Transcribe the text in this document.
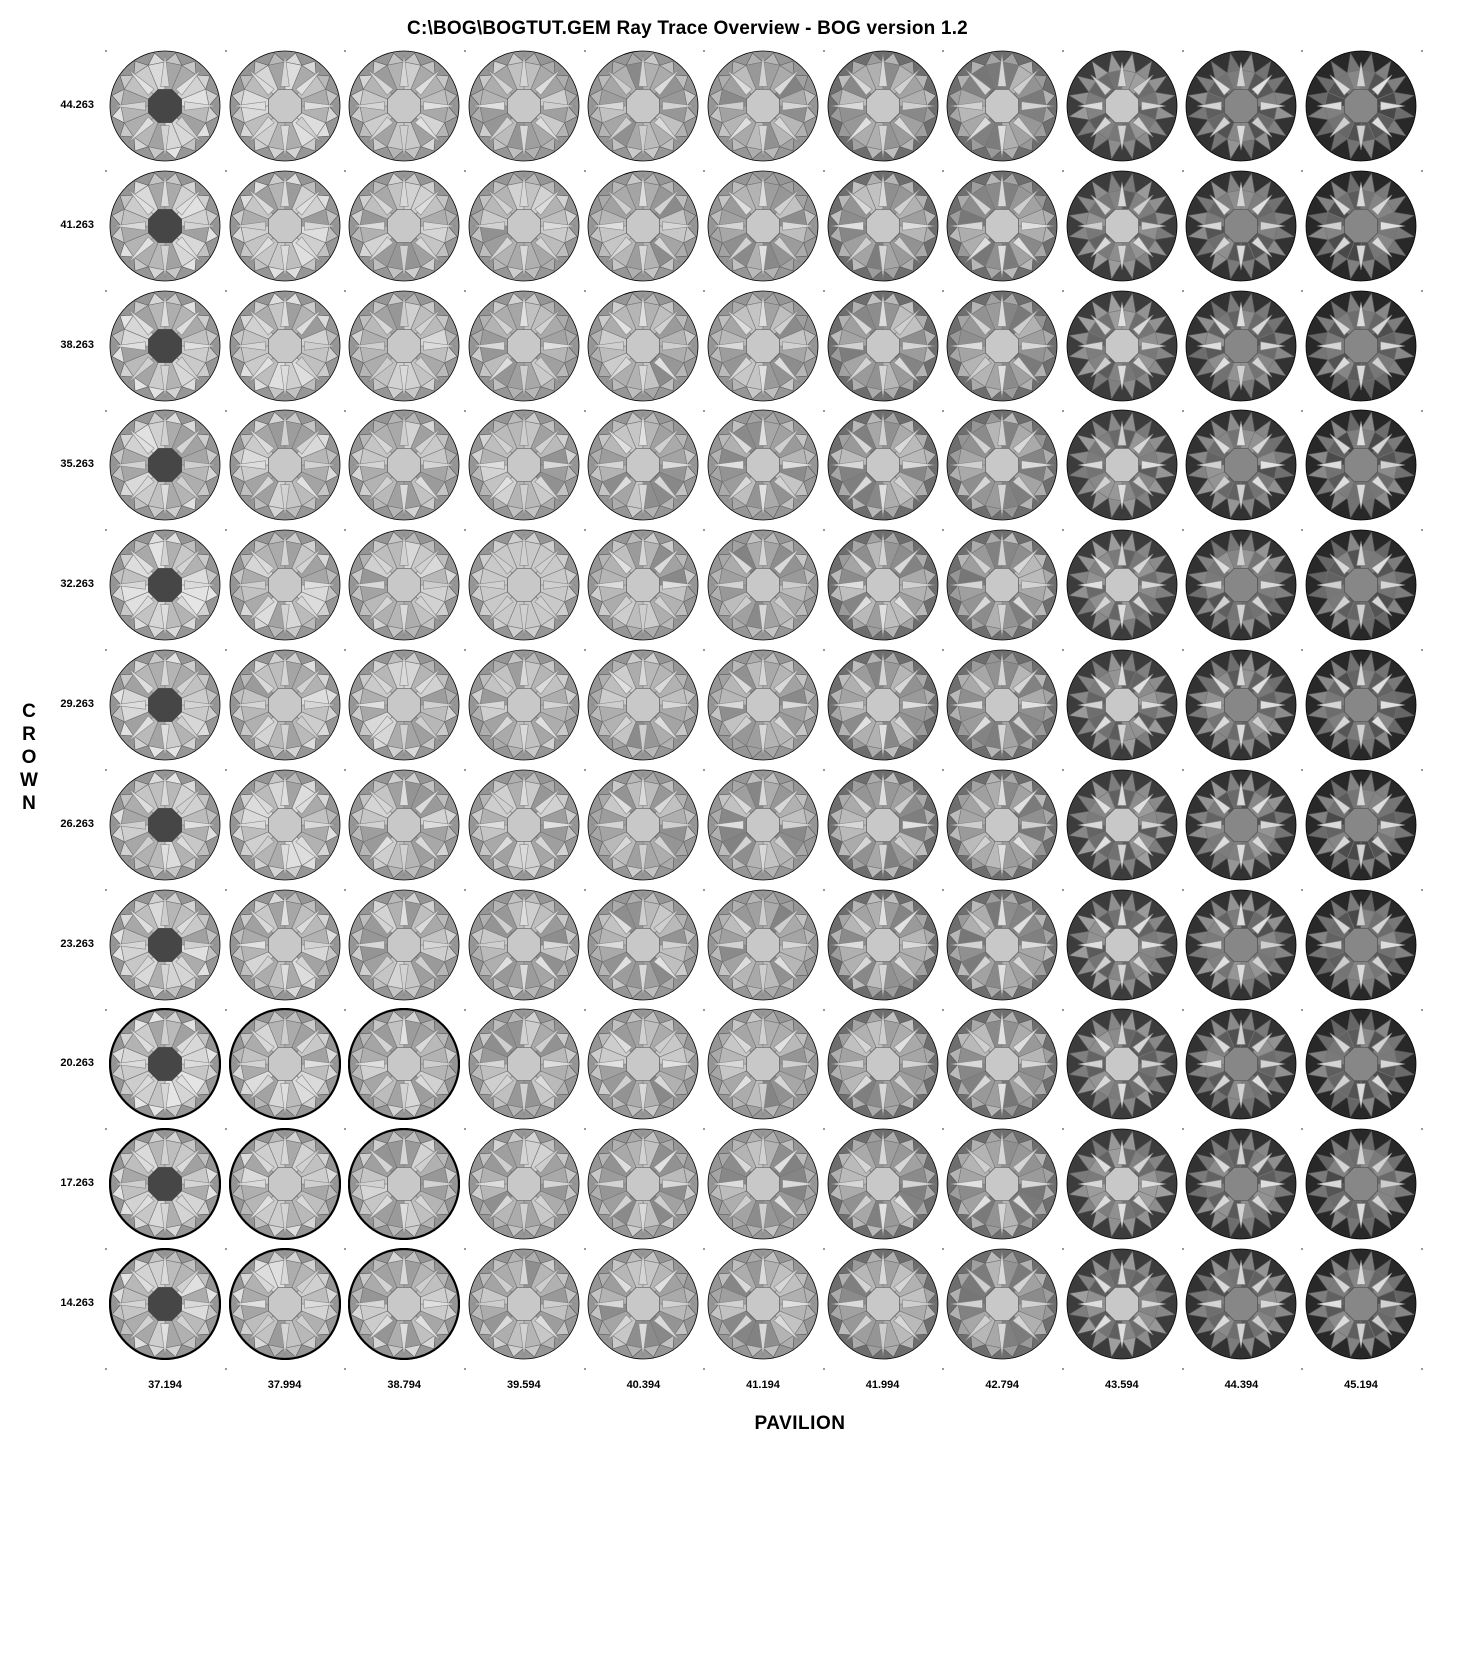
C:\BOG\BOGTUT.GEM Ray Trace Overview - BOG version 1.2
C
R
O
W
N
PAVILION
44.263
41.263
38.263
35.263
32.263
29.263
26.263
23.263
20.263
17.263
14.263
37.194	37.994	38.794	39.594	40.394	41.194	41.994	42.794	43.594	44.394	45.194
